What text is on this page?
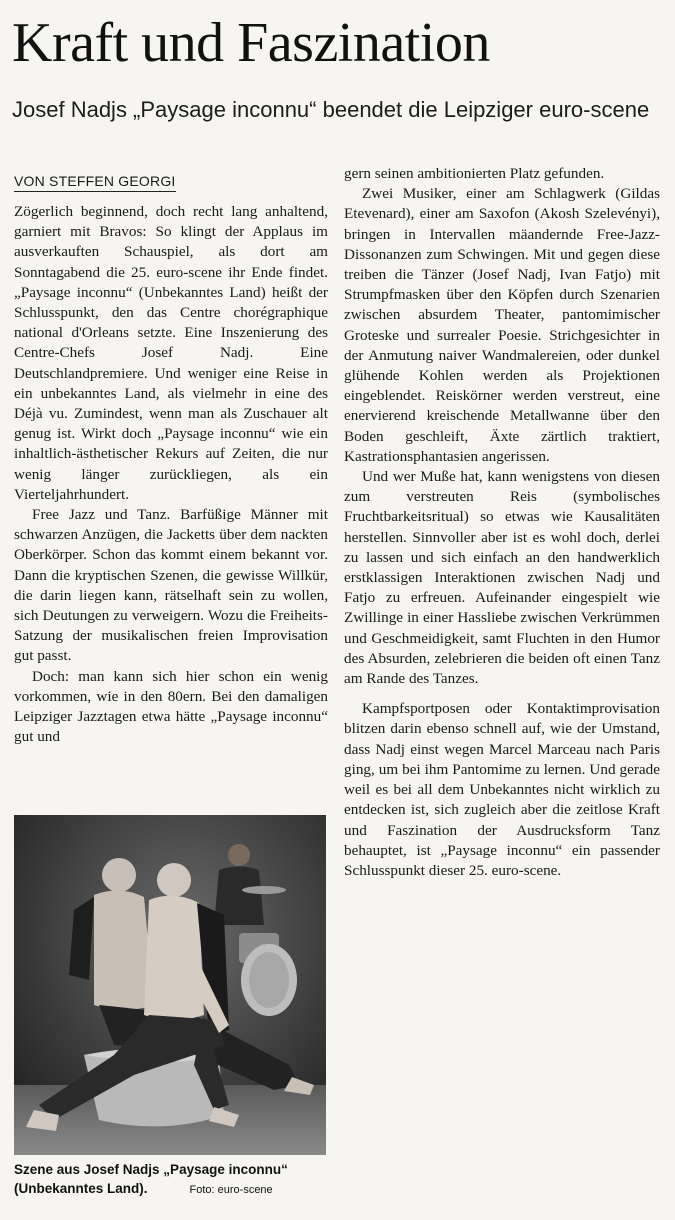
Kraft und Faszination
Josef Nadjs „Paysage inconnu“ beendet die Leipziger euro-scene
VON STEFFEN GEORGI

Zögerlich beginnend, doch recht lang anhaltend, garniert mit Bravos: So klingt der Applaus im ausverkauften Schauspiel, als dort am Sonntagabend die 25. euro-scene ihr Ende findet. „Paysage inconnu“ (Unbekanntes Land) heißt der Schlusspunkt, den das Centre chorégraphique national d'Orleans setzte. Eine Inszenierung des Centre-Chefs Josef Nadj. Eine Deutschlandpremiere. Und weniger eine Reise in ein unbekanntes Land, als vielmehr in eine des Déjà vu. Zumindest, wenn man als Zuschauer alt genug ist. Wirkt doch „Paysage inconnu“ wie ein inhaltlich-ästhetischer Rekurs auf Zeiten, die nur wenig länger zurückliegen, als ein Vierteljahrhundert.

Free Jazz und Tanz. Barfüßige Männer mit schwarzen Anzügen, die Jacketts über dem nackten Oberkörper. Schon das kommt einem bekannt vor. Dann die kryptischen Szenen, die gewisse Willkür, die darin liegen kann, rätselhaft sein zu wollen, sich Deutungen zu verweigern. Wozu die Freiheits-Satzung der musikalischen freien Improvisation gut passt.

Doch: man kann sich hier schon ein wenig vorkommen, wie in den 80ern. Bei den damaligen Leipziger Jazztagen etwa hätte „Paysage inconnu“ gut und

Szene aus Josef Nadjs „Paysage inconnu“ (Unbekanntes Land).	Foto: euro-scene

gern seinen ambitionierten Platz gefunden.

Zwei Musiker, einer am Schlagwerk (Gildas Etevenard), einer am Saxofon (Akosh Szelevényi), bringen in Intervallen mäandernde Free-Jazz-Dissonanzen zum Schwingen. Mit und gegen diese treiben die Tänzer (Josef Nadj, Ivan Fatjo) mit Strumpfmasken über den Köpfen durch Szenarien zwischen absurdem Theater, pantomimischer Groteske und surrealer Poesie. Strichgesichter in der Anmutung naiver Wandmalereien, oder dunkel glühende Kohlen werden als Projektionen eingeblendet. Reiskörner werden verstreut, eine enervierend kreischende Metallwanne über den Boden geschleift, Äxte zärtlich traktiert, Kastrationsphantasien angerissen.

Und wer Muße hat, kann wenigstens von diesen zum verstreuten Reis (symbolisches Fruchtbarkeitsritual) so etwas wie Kausalitäten herstellen. Sinnvoller aber ist es wohl doch, derlei zu lassen und sich einfach an den handwerklich erstklassigen Interaktionen zwischen Nadj und Fatjo zu erfreuen. Aufeinander eingespielt wie Zwillinge in einer Hassliebe zwischen Verkrümmen und Geschmeidigkeit, samt Fluchten in den Humor des Absurden, zelebrieren die beiden oft einen Tanz am Rande des Tanzes.

Kampfsportposen oder Kontaktimprovisation blitzen darin ebenso schnell auf, wie der Umstand, dass Nadj einst wegen Marcel Marceau nach Paris ging, um bei ihm Pantomime zu lernen. Und gerade weil es bei all dem Unbekanntes nicht wirklich zu entdecken ist, sich zugleich aber die zeitlose Kraft und Faszination der Ausdrucksform Tanz behauptet, ist „Paysage inconnu“ ein passender Schlusspunkt dieser 25. euro-scene.
